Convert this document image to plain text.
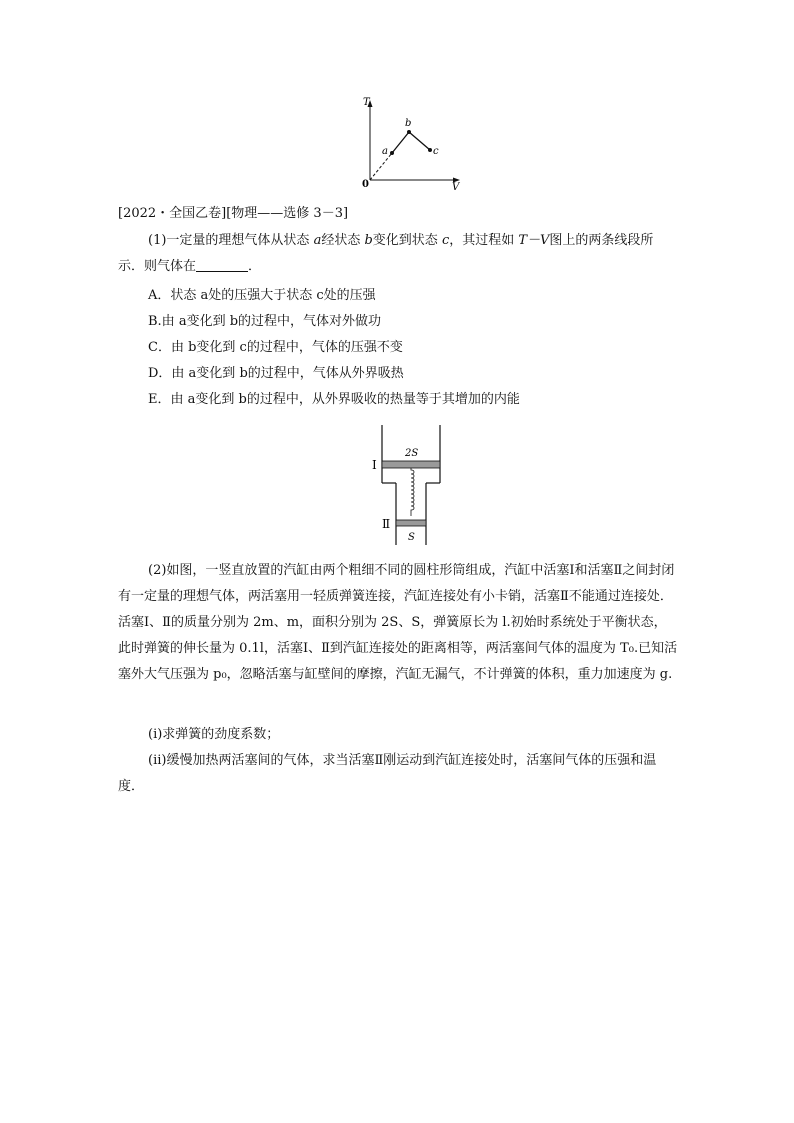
T
V
0
a
b
c
[2022・全国乙卷][物理——选修 3－3]
(1)一定量的理想气体从状态 a经状态 b变化到状态 c，其过程如 T－V图上的两条线段所示．则气体在	．
A．状态 a处的压强大于状态 c处的压强
B.由 a变化到 b的过程中，气体对外做功
C．由 b变化到 c的过程中，气体的压强不变
D．由 a变化到 b的过程中，气体从外界吸热
E．由 a变化到 b的过程中，从外界吸收的热量等于其增加的内能
Ⅰ
Ⅱ
2S
S
(2)如图，一竖直放置的汽缸由两个粗细不同的圆柱形筒组成，汽缸中活塞Ⅰ和活塞Ⅱ之间封闭有一定量的理想气体，两活塞用一轻质弹簧连接，汽缸连接处有小卡销，活塞Ⅱ不能通过连接处．活塞Ⅰ、Ⅱ的质量分别为 2m、m，面积分别为 2S、S，弹簧原长为 l.初始时系统处于平衡状态，此时弹簧的伸长量为 0.1l，活塞Ⅰ、Ⅱ到汽缸连接处的距离相等，两活塞间气体的温度为 T₀.已知活塞外大气压强为 p₀，忽略活塞与缸壁间的摩擦，汽缸无漏气，不计弹簧的体积，重力加速度为 g.
(ⅰ)求弹簧的劲度系数；
(ⅱ)缓慢加热两活塞间的气体，求当活塞Ⅱ刚运动到汽缸连接处时，活塞间气体的压强和温度．
